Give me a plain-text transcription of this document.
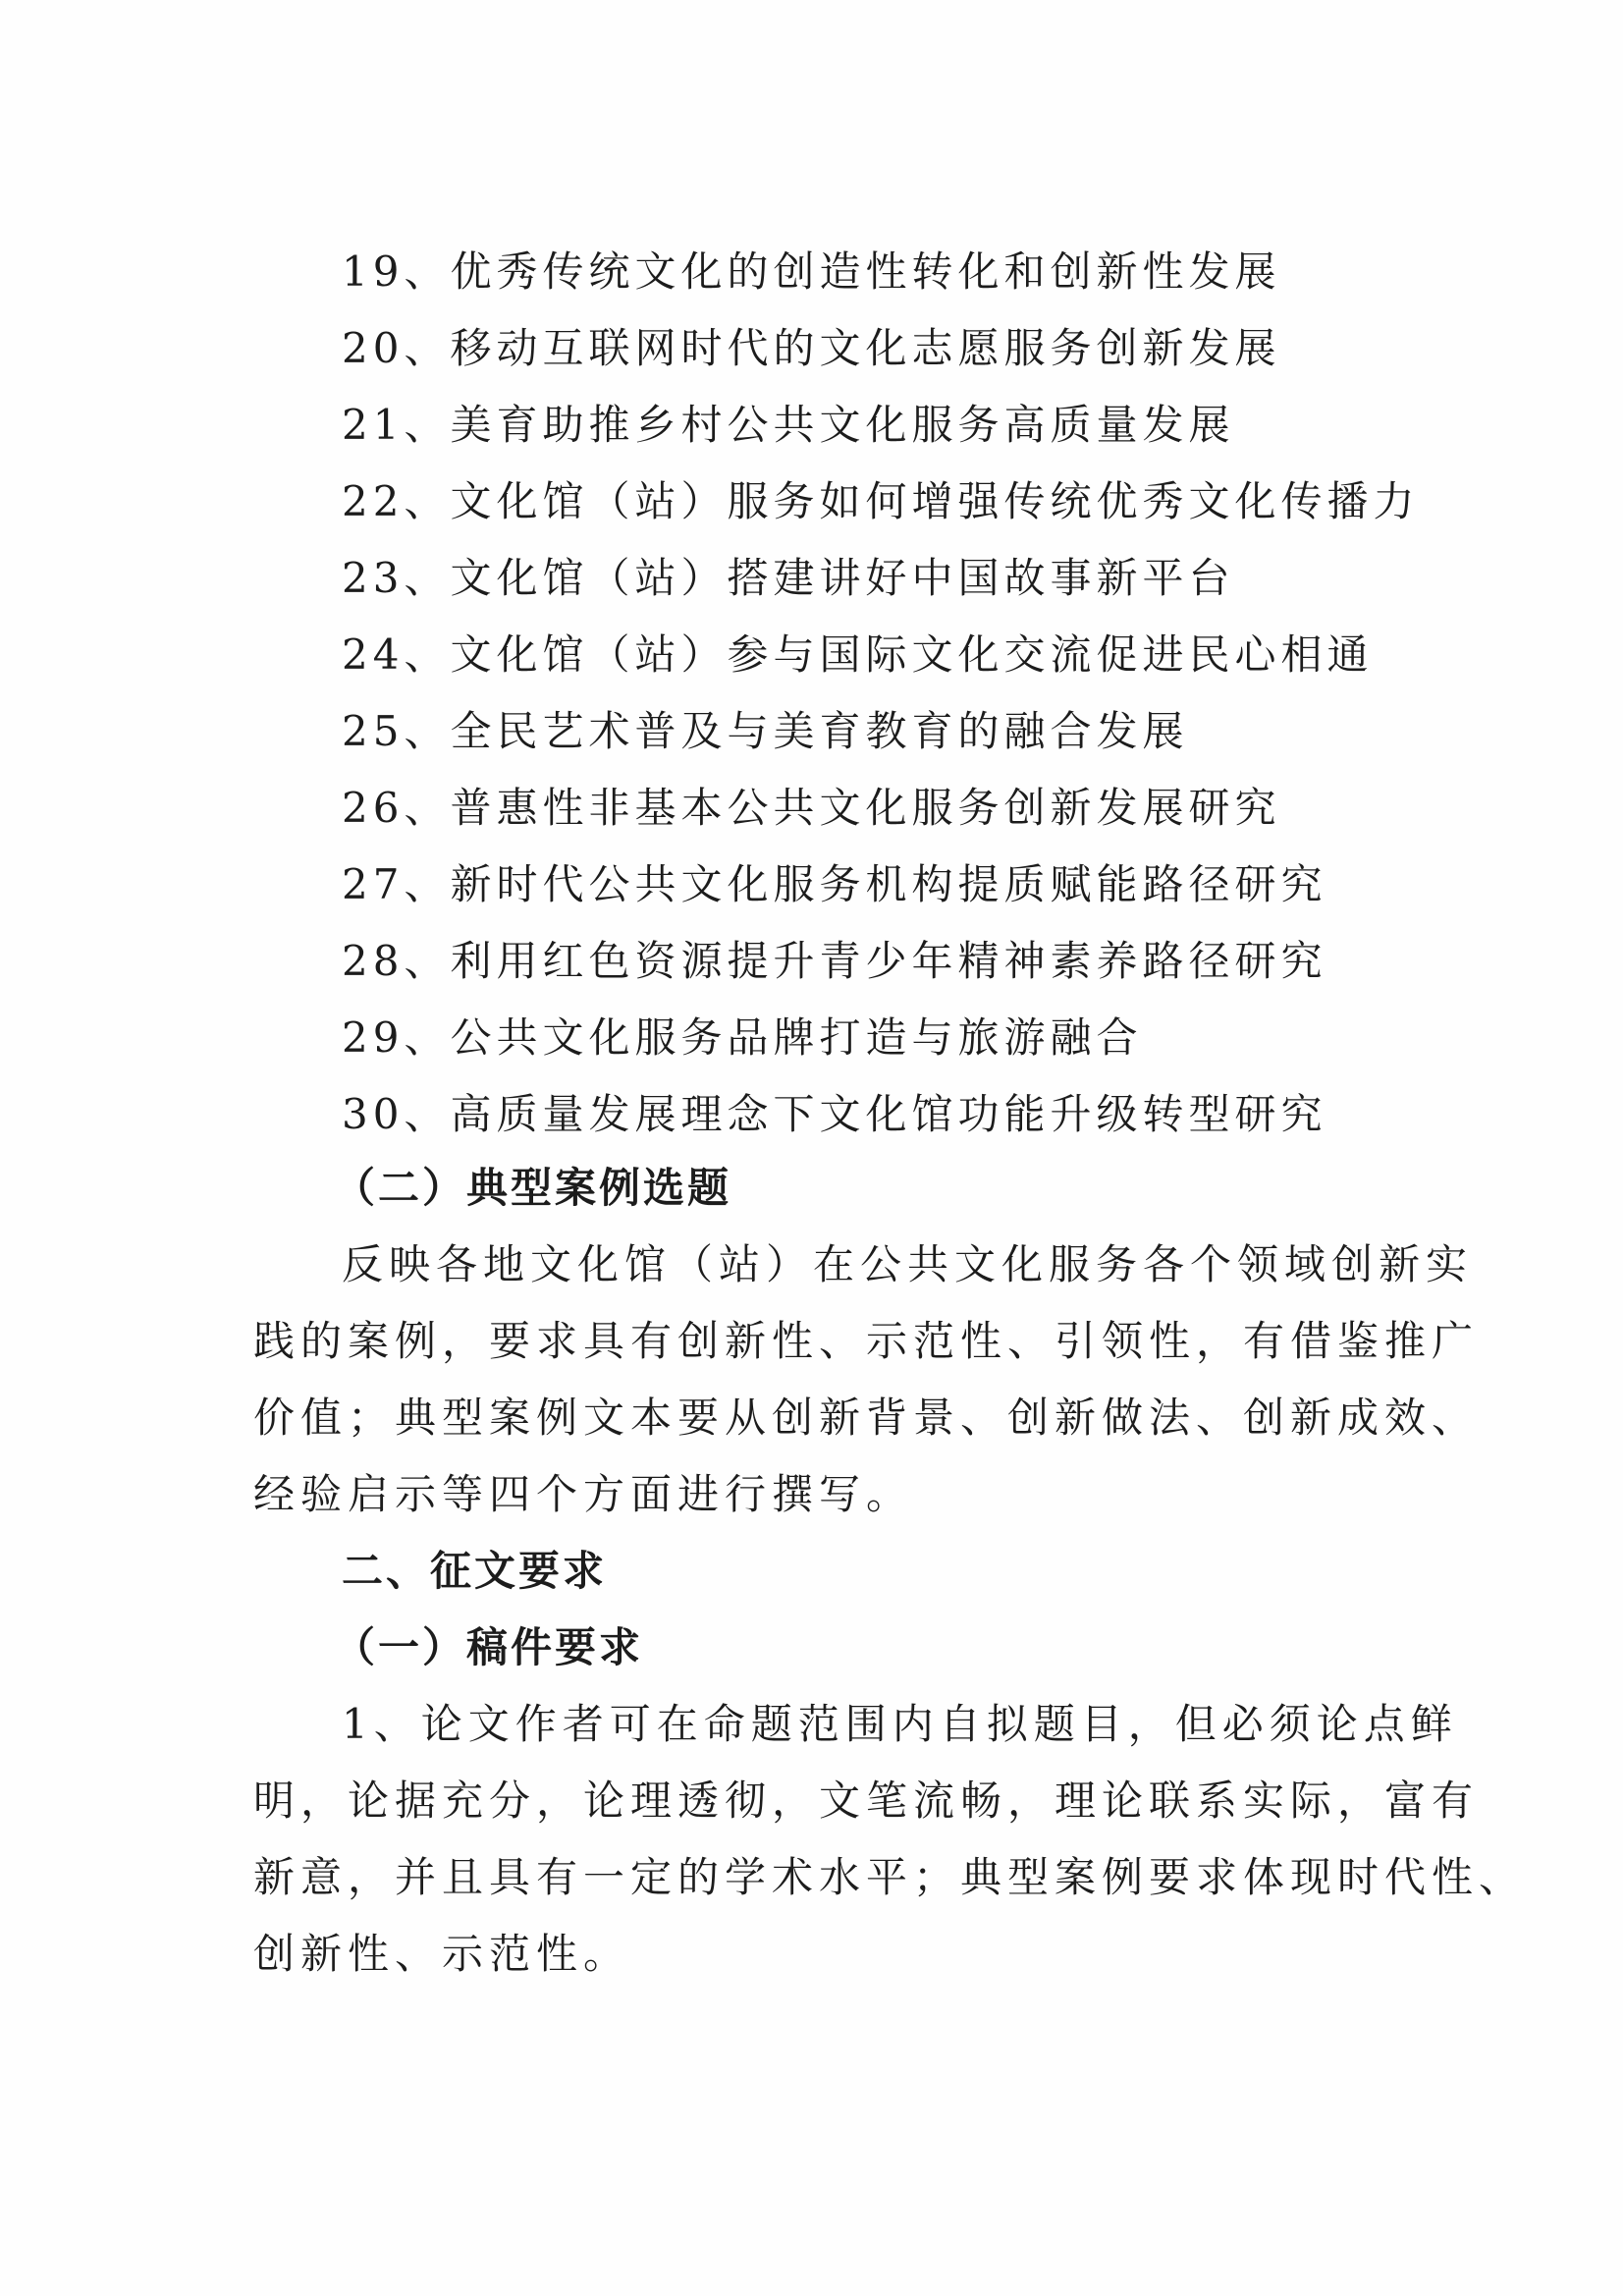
19、优秀传统文化的创造性转化和创新性发展
20、移动互联网时代的文化志愿服务创新发展
21、美育助推乡村公共文化服务高质量发展
22、文化馆（站）服务如何增强传统优秀文化传播力
23、文化馆（站）搭建讲好中国故事新平台
24、文化馆（站）参与国际文化交流促进民心相通
25、全民艺术普及与美育教育的融合发展
26、普惠性非基本公共文化服务创新发展研究
27、新时代公共文化服务机构提质赋能路径研究
28、利用红色资源提升青少年精神素养路径研究
29、公共文化服务品牌打造与旅游融合
30、高质量发展理念下文化馆功能升级转型研究
（二）典型案例选题
反映各地文化馆（站）在公共文化服务各个领域创新实
践的案例，要求具有创新性、示范性、引领性，有借鉴推广
价值；典型案例文本要从创新背景、创新做法、创新成效、
经验启示等四个方面进行撰写。
二、征文要求
（一）稿件要求
1、论文作者可在命题范围内自拟题目，但必须论点鲜
明，论据充分，论理透彻，文笔流畅，理论联系实际，富有
新意，并且具有一定的学术水平；典型案例要求体现时代性、
创新性、示范性。
